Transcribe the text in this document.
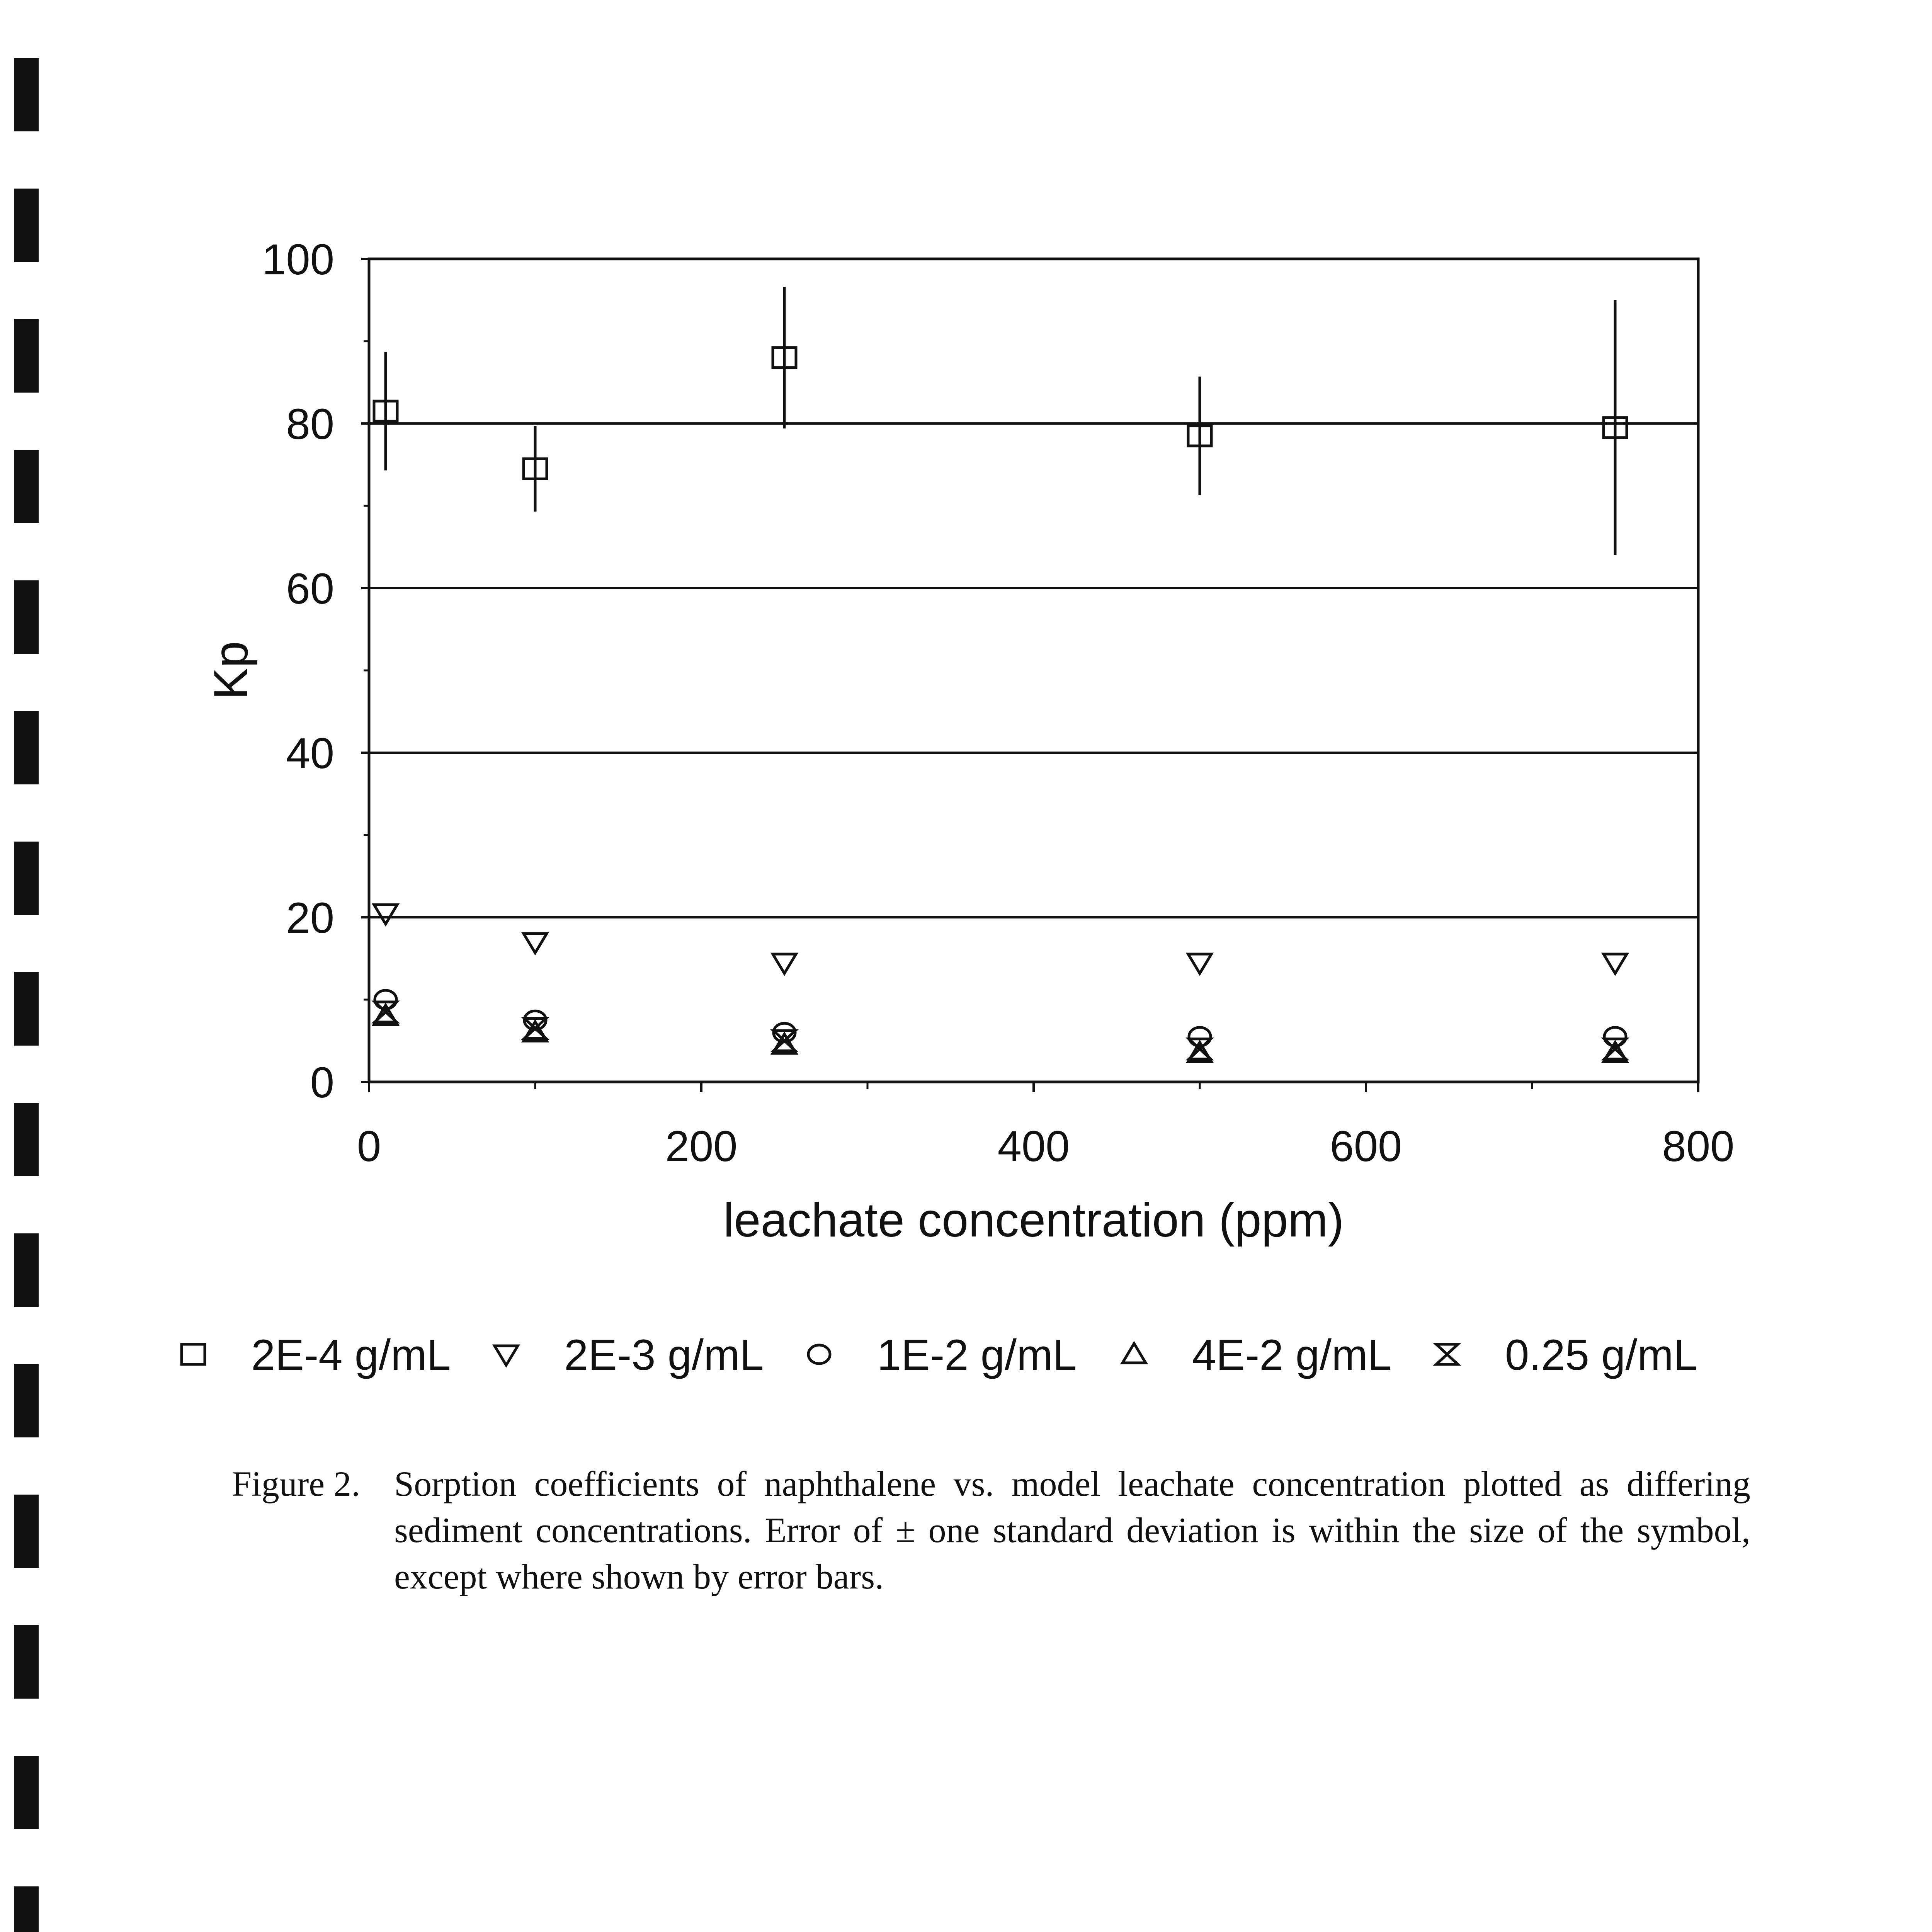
0
20
40
60
80
100
0	200	400	600	800
Kp
leachate concentration (ppm)
2E-4 g/mL	2E-3 g/mL	1E-2 g/mL	4E-2 g/mL	0.25 g/mL
Figure 2. Sorption coefficients of naphthalene vs. model leachate concentration plotted as differing sediment concentrations. Error of ± one standard deviation is within the size of the symbol, except where shown by error bars.
